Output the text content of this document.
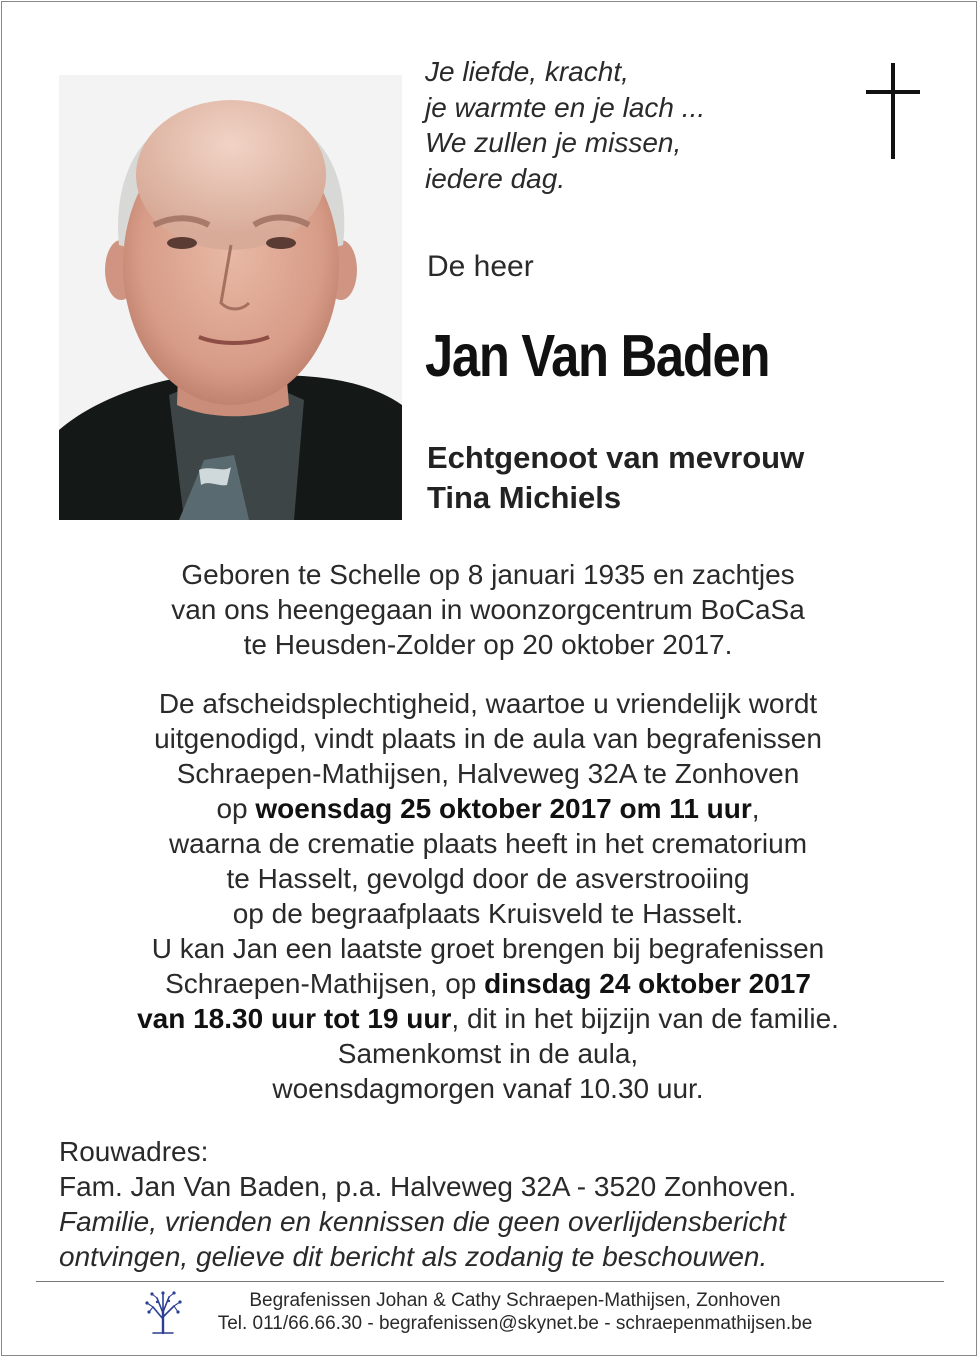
Je liefde, kracht,
je warmte en je lach ...
We zullen je missen,
iedere dag.
De heer
Jan Van Baden
Echtgenoot van mevrouw
Tina Michiels
Geboren te Schelle op 8 januari 1935 en zachtjes
van ons heengegaan in woonzorgcentrum BoCaSa
te Heusden-Zolder op 20 oktober 2017.
De afscheidsplechtigheid, waartoe u vriendelijk wordt
uitgenodigd, vindt plaats in de aula van begrafenissen
Schraepen-Mathijsen, Halveweg 32A te Zonhoven
op woensdag 25 oktober 2017 om 11 uur,
waarna de crematie plaats heeft in het crematorium
te Hasselt, gevolgd door de asverstrooiing
op de begraafplaats Kruisveld te Hasselt.
U kan Jan een laatste groet brengen bij begrafenissen
Schraepen-Mathijsen, op dinsdag 24 oktober 2017
van 18.30 uur tot 19 uur, dit in het bijzijn van de familie.
Samenkomst in de aula,
woensdagmorgen vanaf 10.30 uur.
Rouwadres:
Fam. Jan Van Baden, p.a. Halveweg 32A - 3520 Zonhoven.
Familie, vrienden en kennissen die geen overlijdensbericht
ontvingen, gelieve dit bericht als zodanig te beschouwen.
Begrafenissen Johan & Cathy Schraepen-Mathijsen, Zonhoven
Tel. 011/66.66.30 - begrafenissen@skynet.be - schraepenmathijsen.be
